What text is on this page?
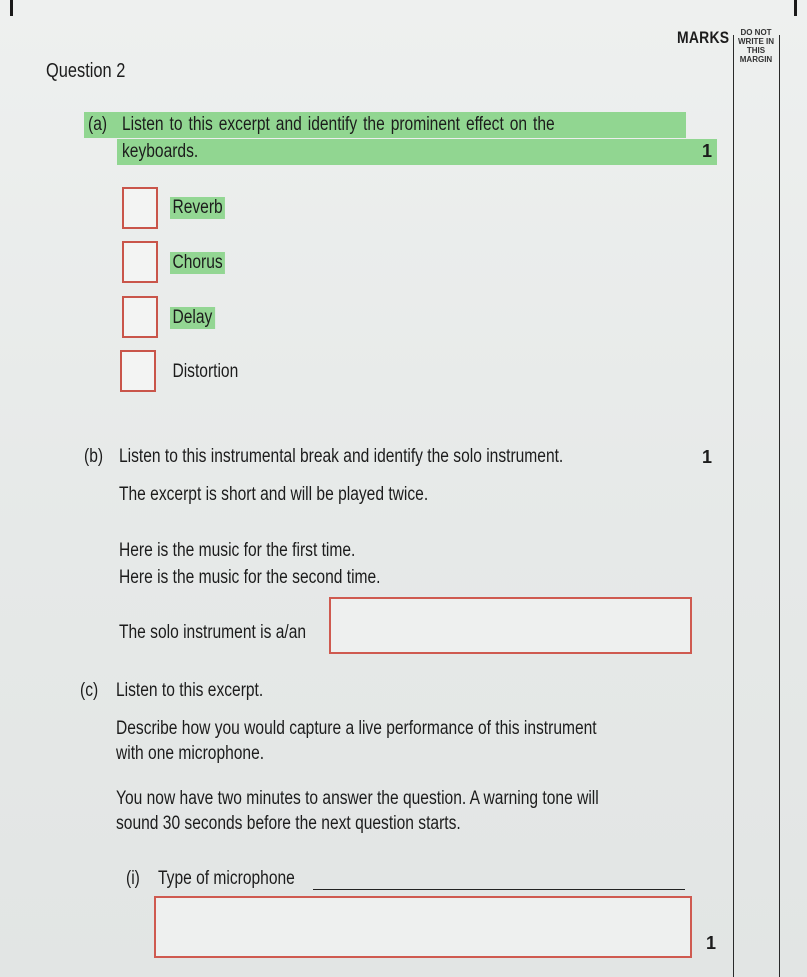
MARKS	DO NOT WRITE IN THIS MARGIN
Question 2
(a) Listen to this excerpt and identify the prominent effect on the
keyboards.	1
Reverb
Chorus
Delay
Distortion
(b) Listen to this instrumental break and identify the solo instrument.	1
The excerpt is short and will be played twice.
Here is the music for the first time.
Here is the music for the second time.
The solo instrument is a/an
(c) Listen to this excerpt.
Describe how you would capture a live performance of this instrument
with one microphone.
You now have two minutes to answer the question. A warning tone will
sound 30 seconds before the next question starts.
(i) Type of microphone
1
